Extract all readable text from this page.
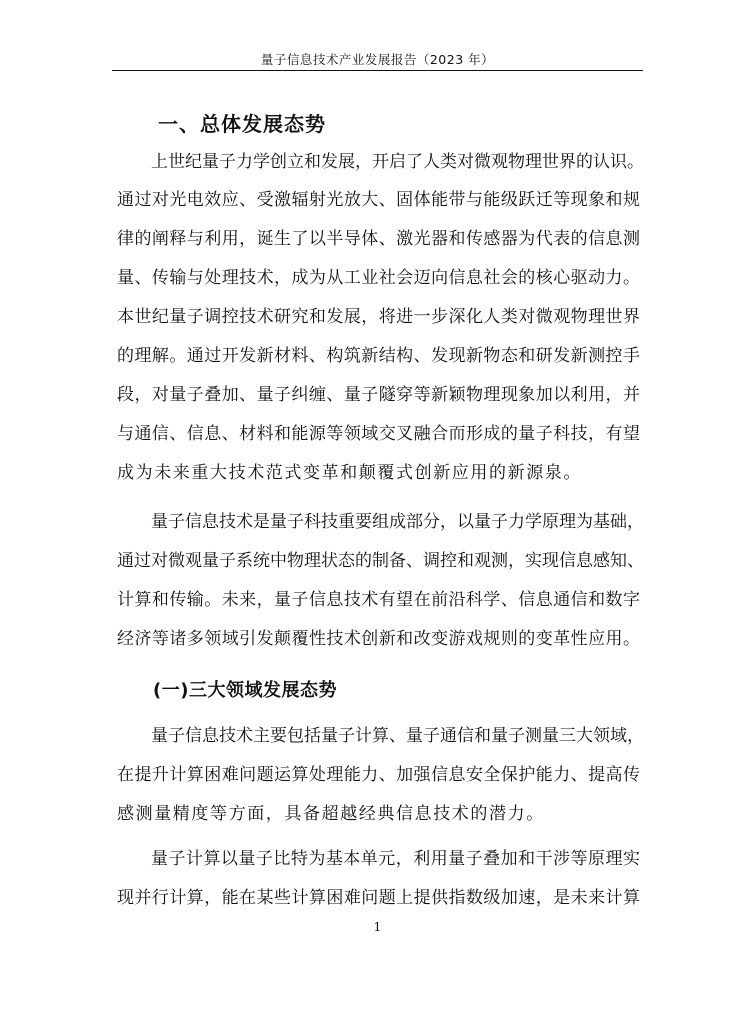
量子信息技术产业发展报告（2023 年）
一、总体发展态势
上世纪量子力学创立和发展，开启了人类对微观物理世界的认识。
通过对光电效应、受激辐射光放大、固体能带与能级跃迁等现象和规
律的阐释与利用，诞生了以半导体、激光器和传感器为代表的信息测
量、传输与处理技术，成为从工业社会迈向信息社会的核心驱动力。
本世纪量子调控技术研究和发展，将进一步深化人类对微观物理世界
的理解。通过开发新材料、构筑新结构、发现新物态和研发新测控手
段，对量子叠加、量子纠缠、量子隧穿等新颖物理现象加以利用，并
与通信、信息、材料和能源等领域交叉融合而形成的量子科技，有望
成为未来重大技术范式变革和颠覆式创新应用的新源泉。
量子信息技术是量子科技重要组成部分，以量子力学原理为基础，
通过对微观量子系统中物理状态的制备、调控和观测，实现信息感知、
计算和传输。未来，量子信息技术有望在前沿科学、信息通信和数字
经济等诸多领域引发颠覆性技术创新和改变游戏规则的变革性应用。
(一)三大领域发展态势
量子信息技术主要包括量子计算、量子通信和量子测量三大领域，
在提升计算困难问题运算处理能力、加强信息安全保护能力、提高传
感测量精度等方面，具备超越经典信息技术的潜力。
量子计算以量子比特为基本单元，利用量子叠加和干涉等原理实
现并行计算，能在某些计算困难问题上提供指数级加速，是未来计算
1
